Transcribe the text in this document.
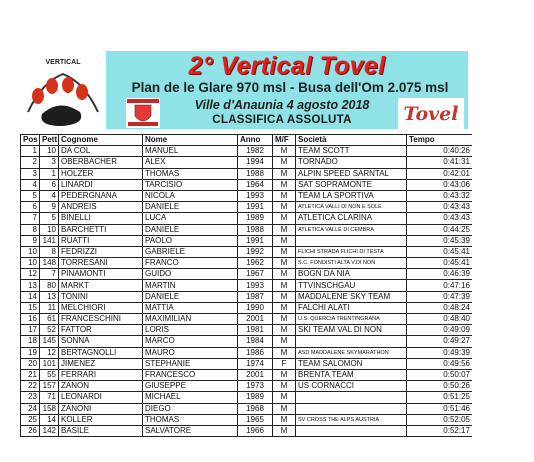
VERTICAL	2° Vertical Tovel
Plan de le Glare 970 msl - Busa dell'Om 2.075 msl
Ville d'Anaunia 4 agosto 2018
CLASSIFICA ASSOLUTA	Tovel
Pos	Pett	Cognome	Nome	Anno	M/F	Società	Tempo
1	10	DA COL	MANUEL	1982	M	TEAM SCOTT	0:40:26
2	3	OBERBACHER	ALEX	1994	M	TORNADO	0:41:31
3	1	HOLZER	THOMAS	1988	M	ALPIN SPEED SARNTAL	0:42:01
4	6	LINARDI	TARCISIO	1964	M	SAT SOPRAMONTE	0:43:06
5	4	PEDERGNANA	NICOLA	1993	M	TEAM LA SPORTIVA	0:43:32
6	9	ANDREIS	DANIELE	1991	M	ATLETICA VALLI DI NON E SOLE	0:43:43
7	5	BINELLI	LUCA	1989	M	ATLETICA CLARINA	0:43:43
8	10	BARCHETTI	DANIELE	1988	M	ATLETICA VALLE DI CEMBRA	0:44:25
9	141	RUATTI	PAOLO	1991	M		0:45:39
10	8	FEDRIZZI	GABRIELE	1992	M	FLICHI STRADA FLICHI DI TESTA	0:45:41
10	148	TORRESANI	FRANCO	1962	M	S.C. FONDISTI ALTA V.DI NON	0:45:41
12	7	PINAMONTI	GUIDO	1967	M	BOGN DA NIA	0:46:39
13	80	MARKT	MARTIN	1993	M	TTVINSCHGAU	0:47:16
14	13	TONINI	DANIELE	1987	M	MADDALENE SKY TEAM	0:47:39
15	11	MELCHIORI	MATTIA	1990	M	FALCHI ALATI	0:48:24
16	61	FRANCESCHINI	MAXIMILIAN	2001	M	U.S. QUERCIA TRENTINGRANA	0:48:40
17	52	FATTOR	LORIS	1981	M	SKI TEAM VAL DI NON	0:49:09
18	145	SONNA	MARCO	1984	M		0:49:27
19	12	BERTAGNOLLI	MAURO	1986	M	ASD MADDALENE SKYMARATHON	0:49:39
20	101	JIMENEZ	STEPHANIE	1974	F	TEAM SALOMON	0:49:56
21	55	FERRARI	FRANCESCO	2001	M	BRENTA TEAM	0:50:07
22	157	ZANON	GIUSEPPE	1973	M	US CORNACCI	0:50:26
23	71	LEONARDI	MICHAEL	1989	M		0:51:25
24	158	ZANONI	DIEGO	1968	M		0:51:46
25	14	KOLLER	THOMAS	1965	M	SV CROSS THE ALPS AUSTRIA	0:52:05
26	142	BASILE	SALVATORE	1966	M		0:52:17
